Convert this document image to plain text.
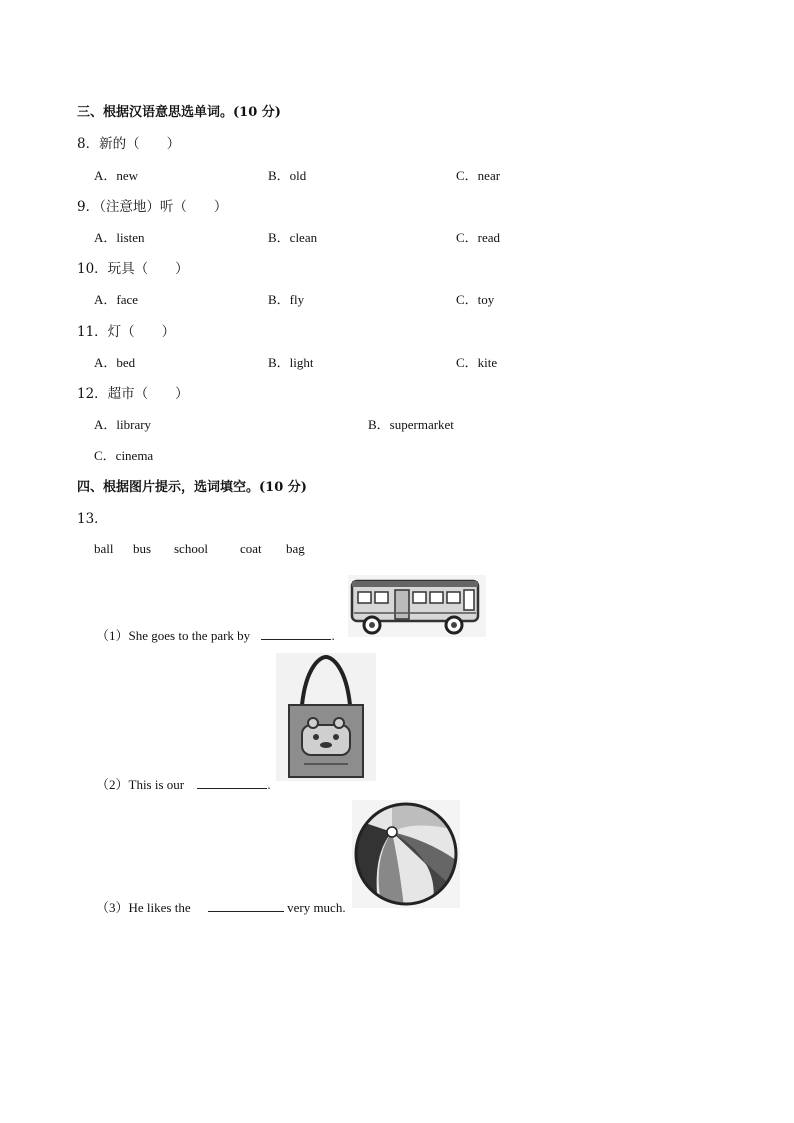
三、根据汉语意思选单词。(10 分)
8．新的（　　）
A．new	B．old	C．near
9．（注意地）听（　　）
A．listen	B．clean	C．read
10．玩具（　　）
A．face	B．fly	C．toy
11．灯（　　）
A．bed	B．light	C．kite
12．超市（　　）
A．library	B．supermarket
C．cinema
四、根据图片提示，选词填空。(10 分)
13．
ball bus school coat bag
（1）She goes to the park by	.
（2）This is our	.
（3）He likes the	very much.
